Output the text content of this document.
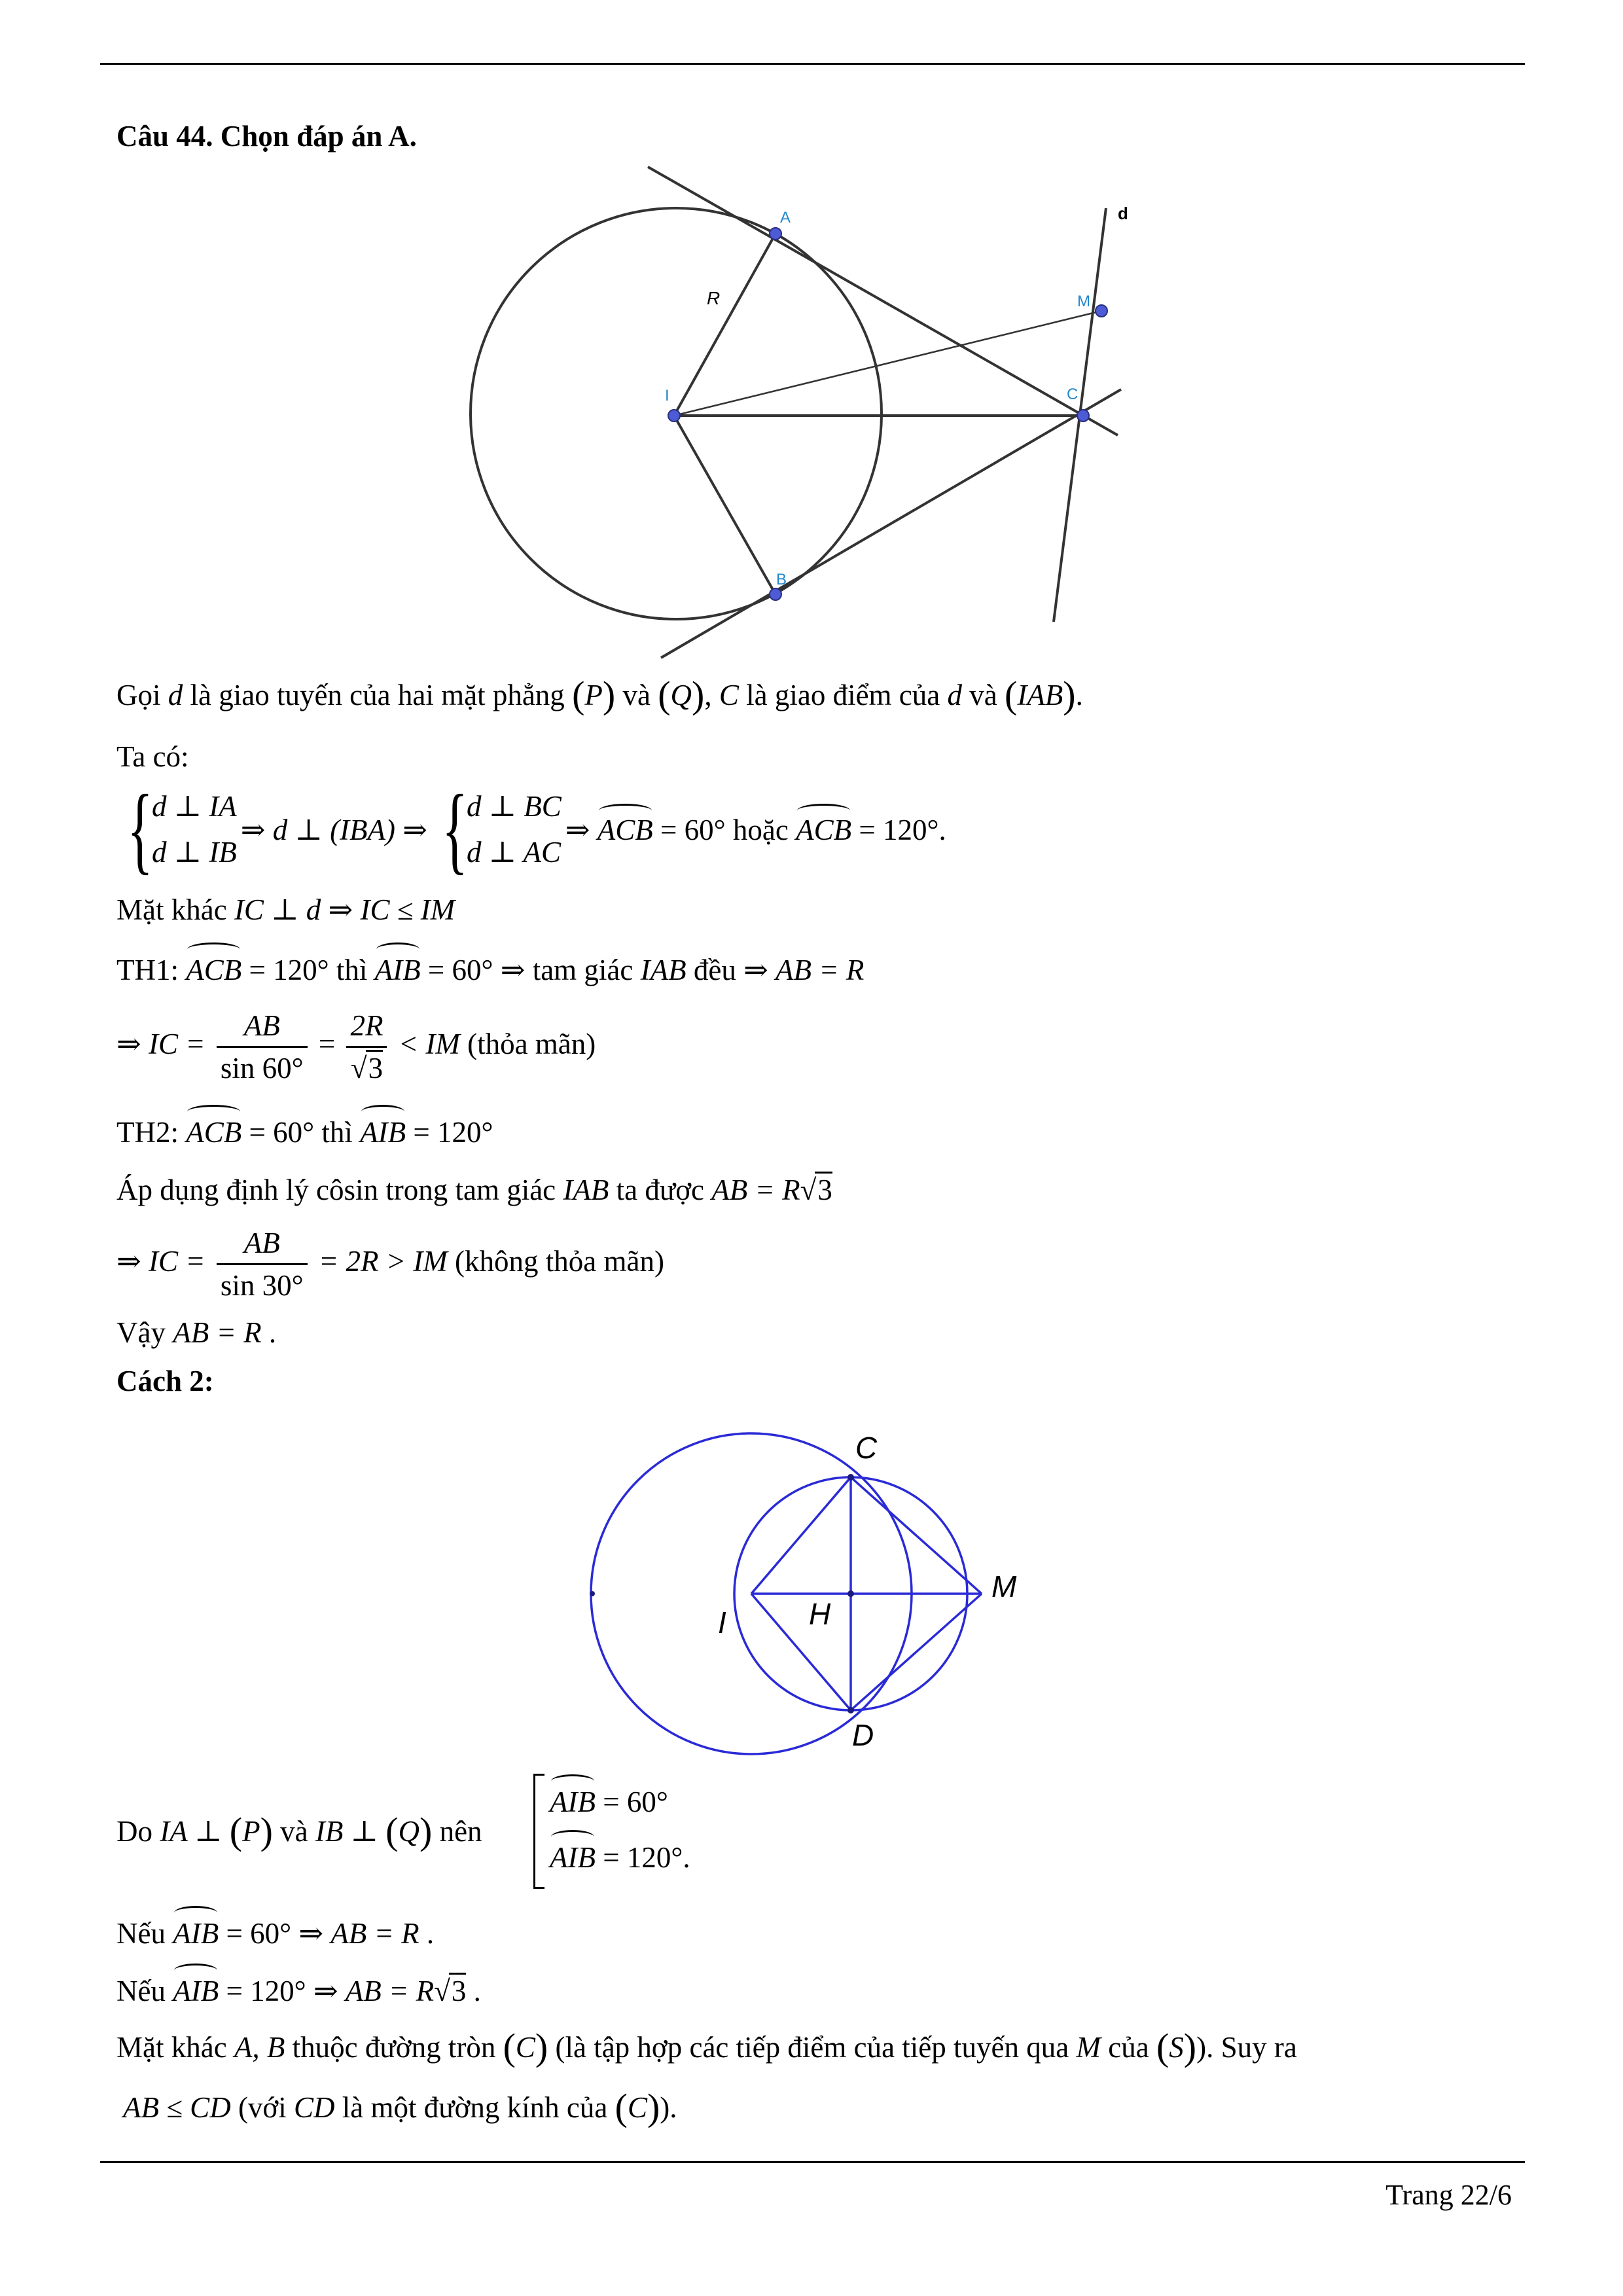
Câu 44. Chọn đáp án A.
A
B
C
I
M
d
R
Gọi d là giao tuyến của hai mặt phẳng (P) và (Q), C là giao điểm của d và (IAB).
Ta có:
{
d ⊥ IA
d ⊥ IB
⇒ d ⊥ (IBA) ⇒ {
d ⊥ BC
d ⊥ AC
⇒ ACB = 60° hoặc ACB = 120°.
Mặt khác IC ⊥ d ⇒ IC ≤ IM
TH1: ACB = 120° thì AIB = 60° ⇒ tam giác IAB đều ⇒ AB = R
⇒ IC = $\frac{AB}{\sin 60^\circ} = \frac{2R}{√3}$ < IM (thỏa mãn)
TH2: ACB = 60° thì AIB = 120°
Áp dụng định lý côsin trong tam giác IAB ta được AB = R√3
⇒ IC = $\frac{AB}{\sin 30^\circ} = 2R$ > IM (không thỏa mãn)
Vậy AB = R .
Cách 2:
C
D
I	H
M
Do IA ⊥ (P) và IB ⊥ (Q) nên
AIB = 60°
AIB = 120°.
Nếu AIB = 60° ⇒ AB = R .
Nếu AIB = 120° ⇒ AB = R√3 .
Mặt khác A, B thuộc đường tròn (C) (là tập hợp các tiếp điểm của tiếp tuyến qua M của (S)). Suy ra
AB ≤ CD (với CD là một đường kính của (C)).
Trang 22/6
